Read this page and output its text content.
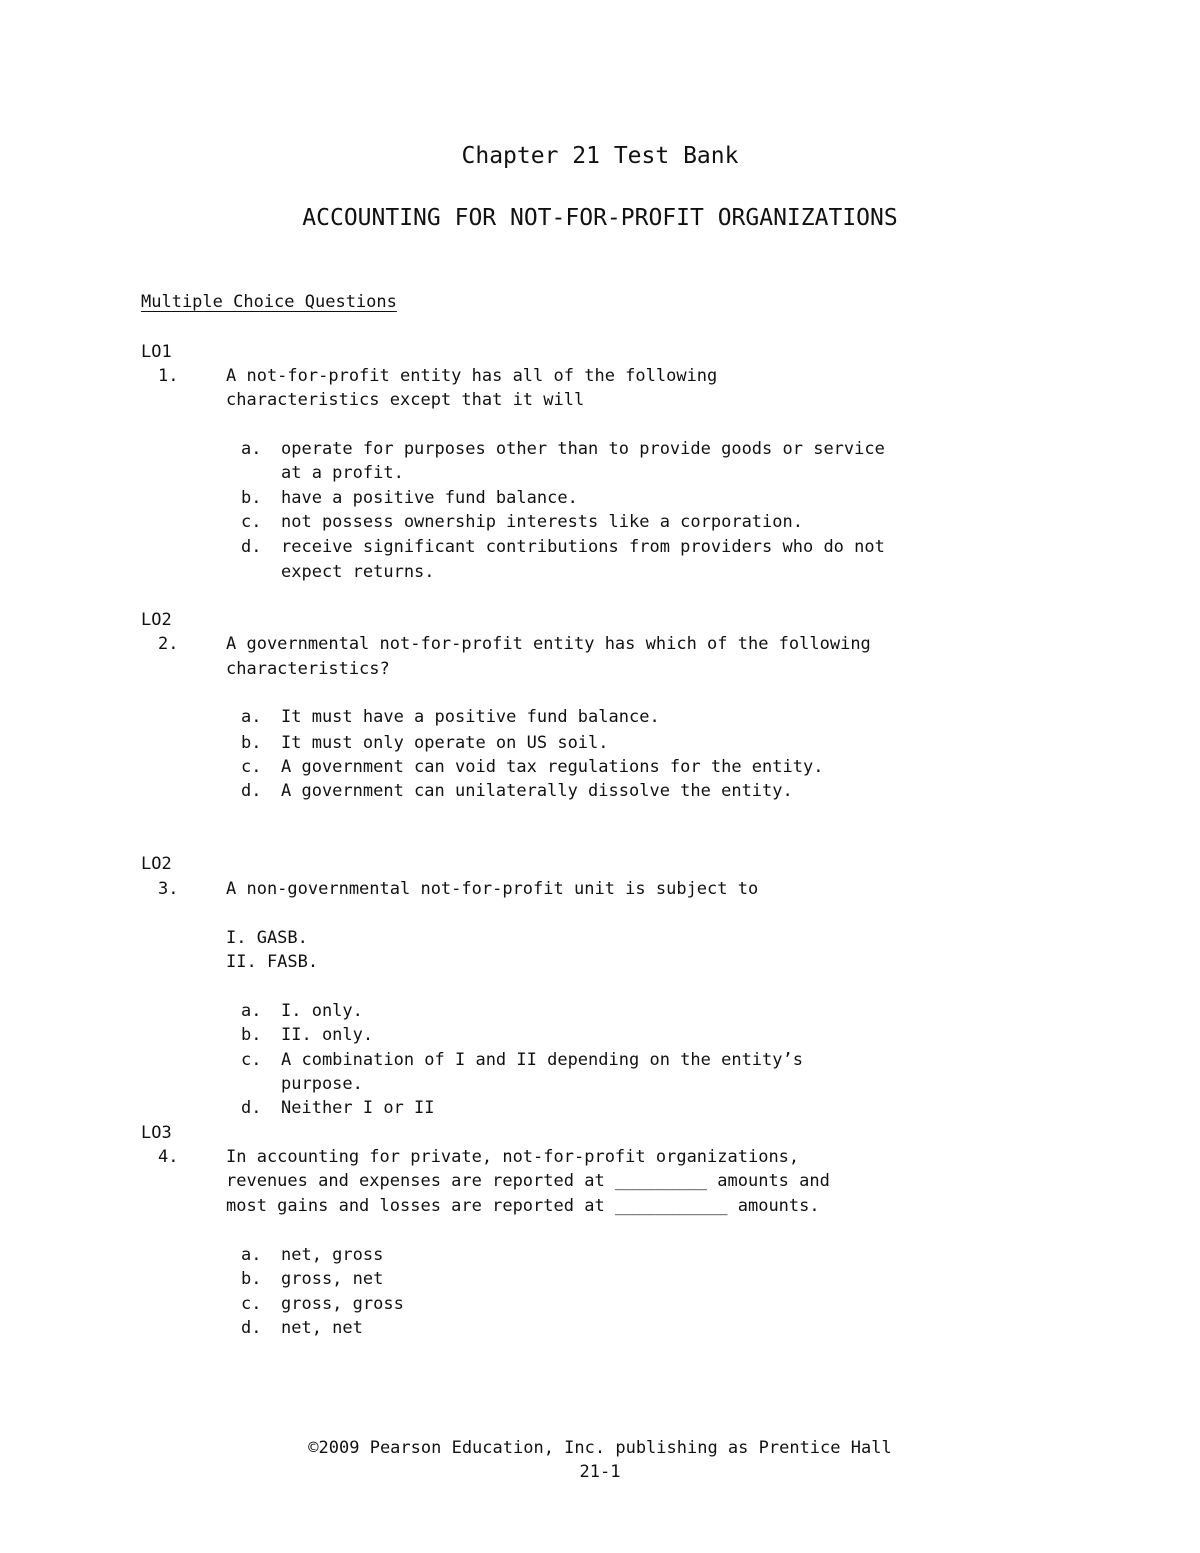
Chapter 21 Test Bank
ACCOUNTING FOR NOT-FOR-PROFIT ORGANIZATIONS
Multiple Choice Questions
LO1
1.	A not-for-profit entity has all of the following
characteristics except that it will
a. operate for purposes other than to provide goods or service
at a profit.
b. have a positive fund balance.
c. not possess ownership interests like a corporation.
d. receive significant contributions from providers who do not
expect returns.
LO2
2.	A governmental not-for-profit entity has which of the following
characteristics?
a. It must have a positive fund balance.
b. It must only operate on US soil.
c. A government can void tax regulations for the entity.
d. A government can unilaterally dissolve the entity.
LO2
3.	A non-governmental not-for-profit unit is subject to
I. GASB.
II. FASB.
a. I. only.
b. II. only.
c. A combination of I and II depending on the entity’s
purpose.
d. Neither I or II
LO3
4.	In accounting for private, not-for-profit organizations,
revenues and expenses are reported at _________ amounts and
most gains and losses are reported at ___________ amounts.
a. net, gross
b. gross, net
c. gross, gross
d. net, net
©2009 Pearson Education, Inc. publishing as Prentice Hall
21-1
